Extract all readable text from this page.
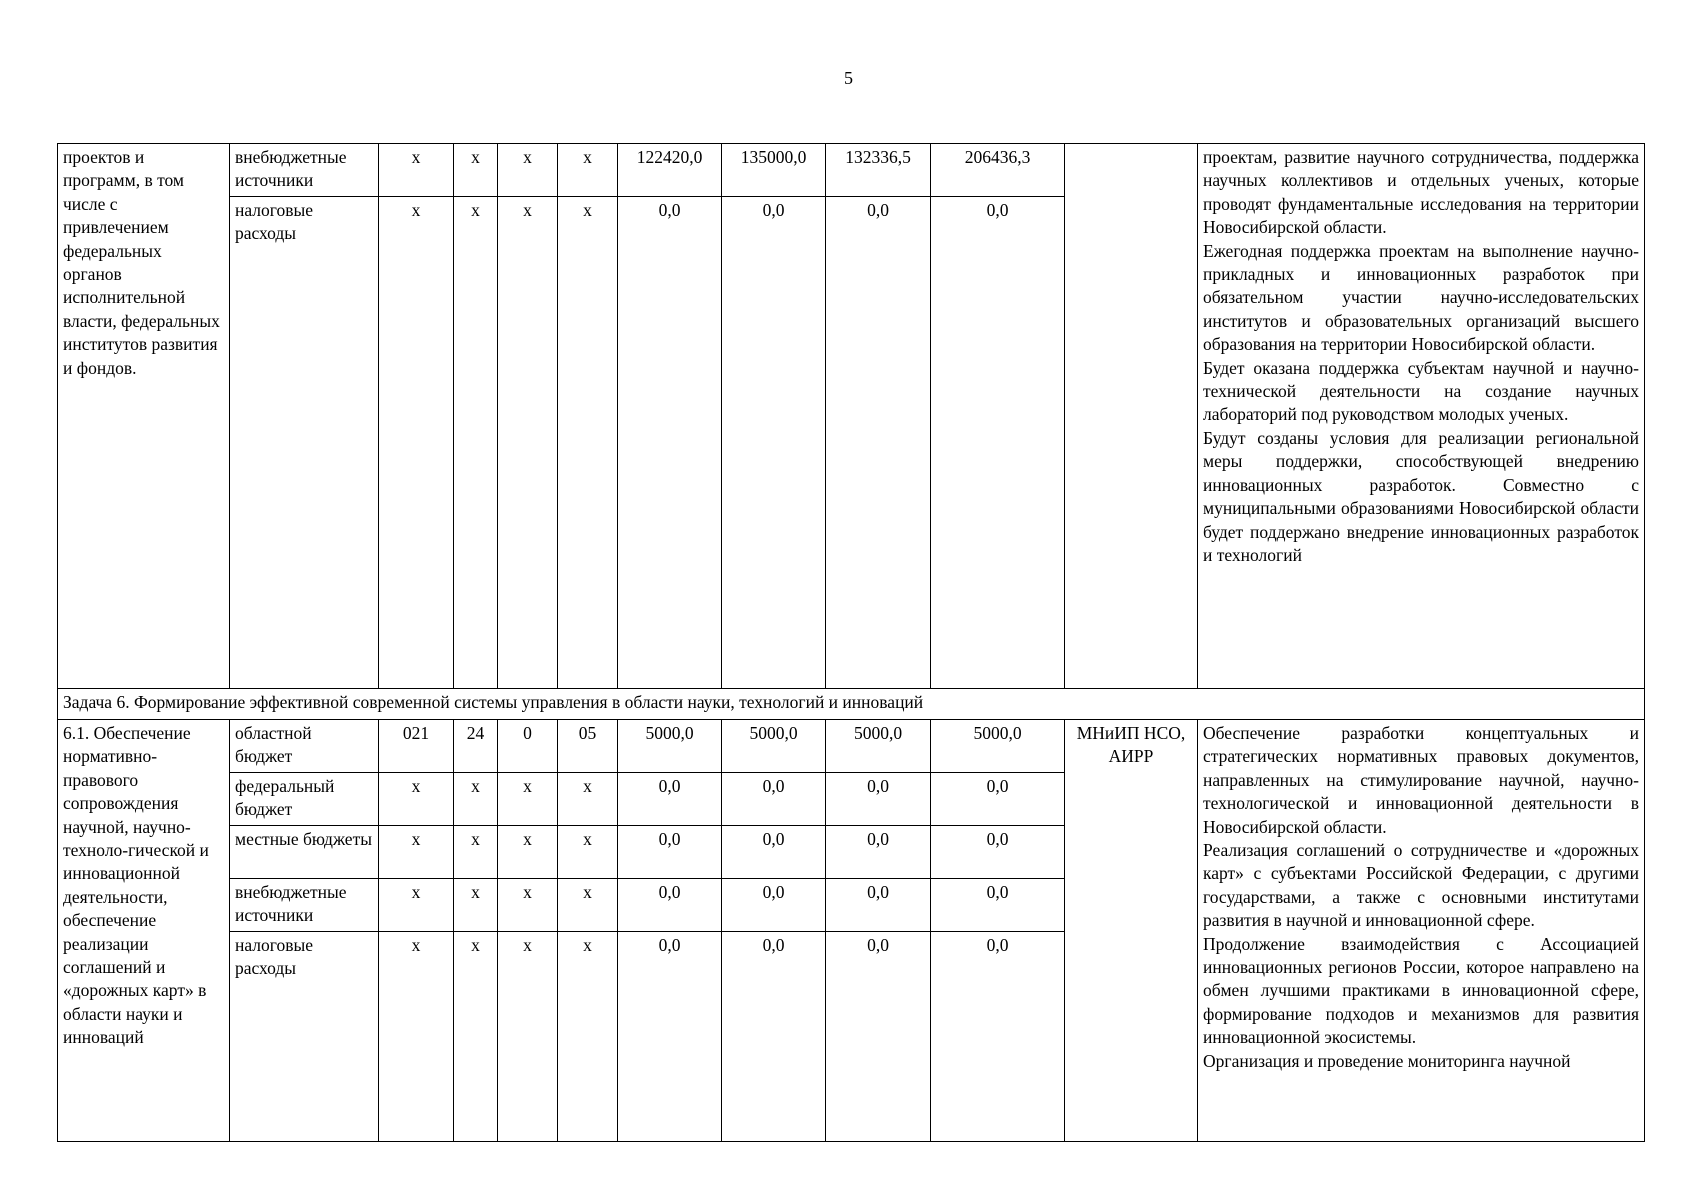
5
проектов и программ, в том числе с привлечением федеральных органов исполнительной власти, федеральных институтов развития и фондов.	внебюджетные источники	x	x	x	x	122420,0	135000,0	132336,5	206436,3		проектам, развитие научного сотрудничества, поддержка научных коллективов и отдельных ученых, которые проводят фундаментальные исследования на территории Новосибирской области.
Ежегодная поддержка проектам на выполнение научно-прикладных и инновационных разработок при обязательном участии научно-исследовательских институтов и образовательных организаций высшего образования на территории Новосибирской области.
Будет оказана поддержка субъектам научной и научно-технической деятельности на создание научных лабораторий под руководством молодых ученых.
Будут созданы условия для реализации региональной меры поддержки, способствующей внедрению инновационных разработок. Совместно с муниципальными образованиями Новосибирской области будет поддержано внедрение инновационных разработок и технологий

	налоговые расходы	x	x	x	x	0,0	0,0	0,0	0,0		
Задача 6. Формирование эффективной современной системы управления в области науки, технологий и инноваций											
6.1. Обеспечение нормативно-правового сопровождения научной, научно-техноло-гической и инновационной деятельности, обеспечение реализации соглашений и «дорожных карт» в области науки и инноваций	областной бюджет	021	24	0	05	5000,0	5000,0	5000,0	5000,0	МНиИП НСО, АИРР	Обеспечение разработки концептуальных и стратегических нормативных правовых документов, направленных на стимулирование научной, научно-технологической и инновационной деятельности в Новосибирской области.
Реализация соглашений о сотрудничестве и «дорожных карт» с субъектами Российской Федерации, с другими государствами, а также с основными институтами развития в научной и инновационной сфере.
Продолжение взаимодействия с Ассоциацией инновационных регионов России, которое направлено на обмен лучшими практиками в инновационной сфере, формирование подходов и механизмов для развития инновационной экосистемы.
Организация и проведение мониторинга научной

	федеральный бюджет	x	x	x	x	0,0	0,0	0,0	0,0		
	местные бюджеты	x	x	x	x	0,0	0,0	0,0	0,0		
	внебюджетные источники	x	x	x	x	0,0	0,0	0,0	0,0		
	налоговые расходы	x	x	x	x	0,0	0,0	0,0	0,0		
